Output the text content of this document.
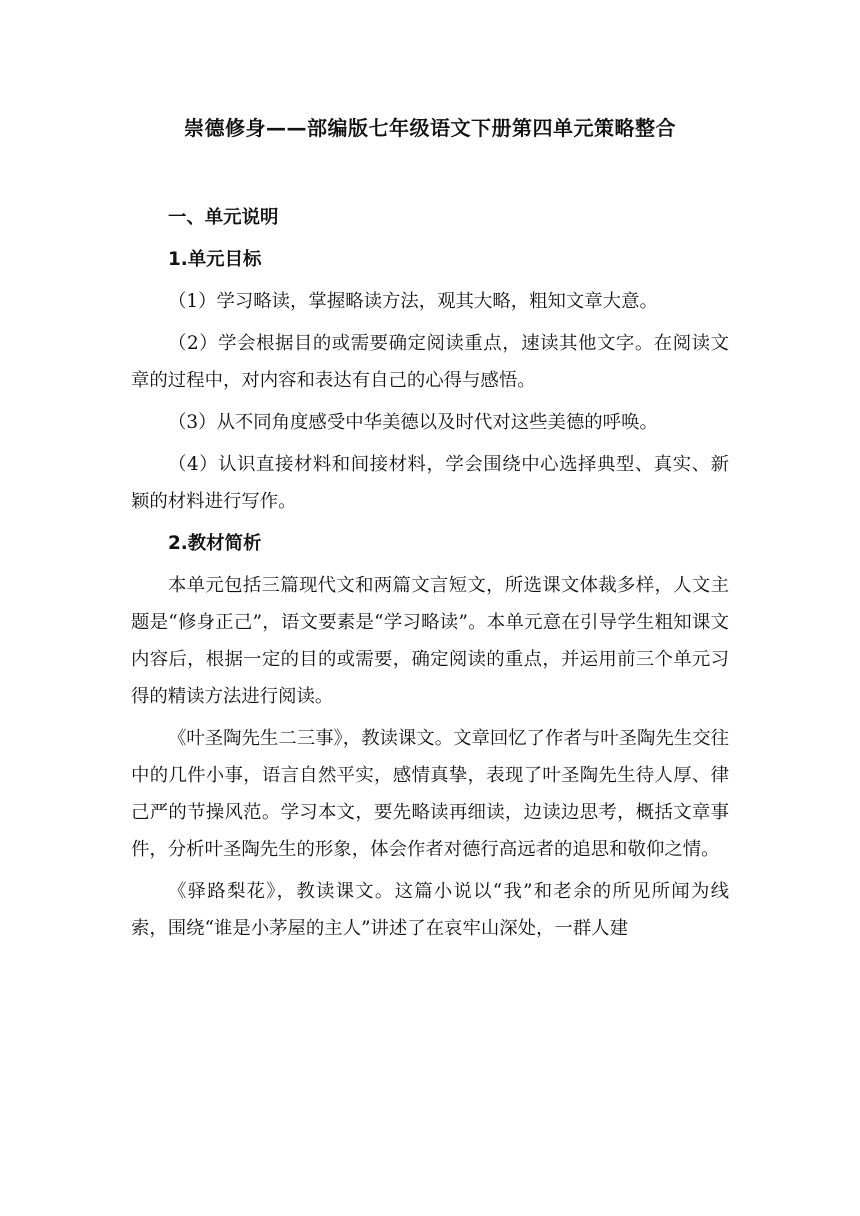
崇德修身——部编版七年级语文下册第四单元策略整合

一、单元说明

1.单元目标

（1）学习略读，掌握略读方法，观其大略，粗知文章大意。

（2）学会根据目的或需要确定阅读重点，速读其他文字。在阅读文章的过程中，对内容和表达有自己的心得与感悟。

（3）从不同角度感受中华美德以及时代对这些美德的呼唤。

（4）认识直接材料和间接材料，学会围绕中心选择典型、真实、新颖的材料进行写作。

2.教材简析

本单元包括三篇现代文和两篇文言短文，所选课文体裁多样，人文主题是“修身正己”，语文要素是“学习略读”。本单元意在引导学生粗知课文内容后，根据一定的目的或需要，确定阅读的重点，并运用前三个单元习得的精读方法进行阅读。

《叶圣陶先生二三事》，教读课文。文章回忆了作者与叶圣陶先生交往中的几件小事，语言自然平实，感情真挚，表现了叶圣陶先生待人厚、律己严的节操风范。学习本文，要先略读再细读，边读边思考，概括文章事件，分析叶圣陶先生的形象，体会作者对德行高远者的追思和敬仰之情。

《驿路梨花》，教读课文。这篇小说以“我”和老余的所见所闻为线索，围绕“谁是小茅屋的主人”讲述了在哀牢山深处，一群人建
